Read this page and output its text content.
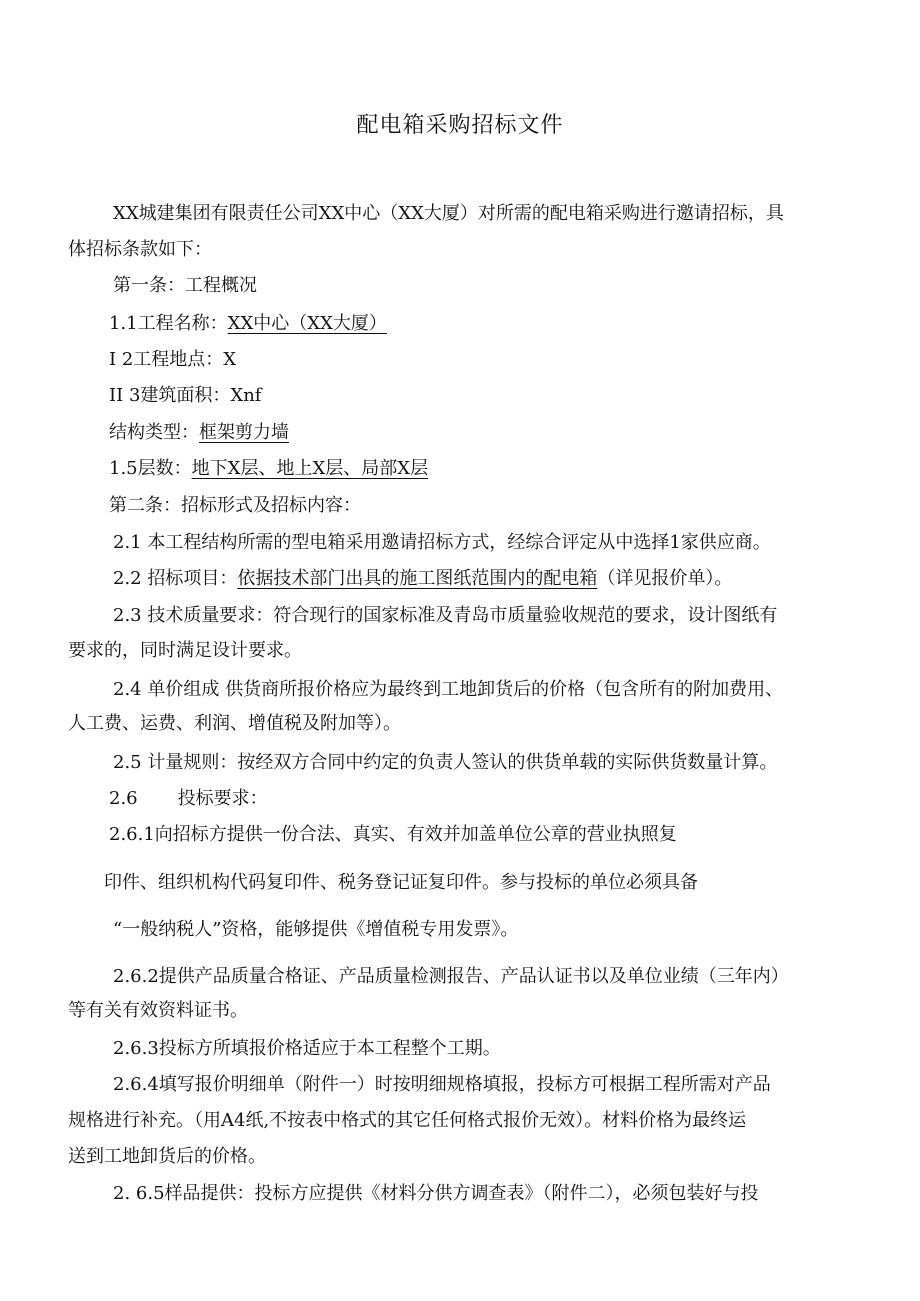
配电箱采购招标文件
XX城建集团有限责任公司XX中心（XX大厦）对所需的配电箱采购进行邀请招标，具
体招标条款如下：
第一条：工程概况
1.1工程名称：XX中心（XX大厦）
I 2工程地点：X
II 3建筑面积：Xnf
结构类型：框架剪力墙
1.5层数：地下X层、地上X层、局部X层
第二条：招标形式及招标内容：
2.1 本工程结构所需的型电箱采用邀请招标方式，经综合评定从中选择1家供应商。
2.2 招标项目：依据技术部门出具的施工图纸范围内的配电箱（详见报价单）。
2.3 技术质量要求：符合现行的国家标准及青岛市质量验收规范的要求，设计图纸有
要求的，同时满足设计要求。
2.4 单价组成 供货商所报价格应为最终到工地卸货后的价格（包含所有的附加费用、
人工费、运费、利润、增值税及附加等）。
2.5 计量规则：按经双方合同中约定的负责人签认的供货单载的实际供货数量计算。
2.6 投标要求：
2.6.1向招标方提供一份合法、真实、有效并加盖单位公章的营业执照复
印件、组织机构代码复印件、税务登记证复印件。参与投标的单位必须具备
“一般纳税人”资格，能够提供《增值税专用发票》。
2.6.2提供产品质量合格证、产品质量检测报告、产品认证书以及单位业绩（三年内）
等有关有效资料证书。
2.6.3投标方所填报价格适应于本工程整个工期。
2.6.4填写报价明细单（附件一）时按明细规格填报，投标方可根据工程所需对产品
规格进行补充。（用A4纸,不按表中格式的其它任何格式报价无效）。材料价格为最终运
送到工地卸货后的价格。
2. 6.5样品提供：投标方应提供《材料分供方调查表》（附件二），必须包装好与投
